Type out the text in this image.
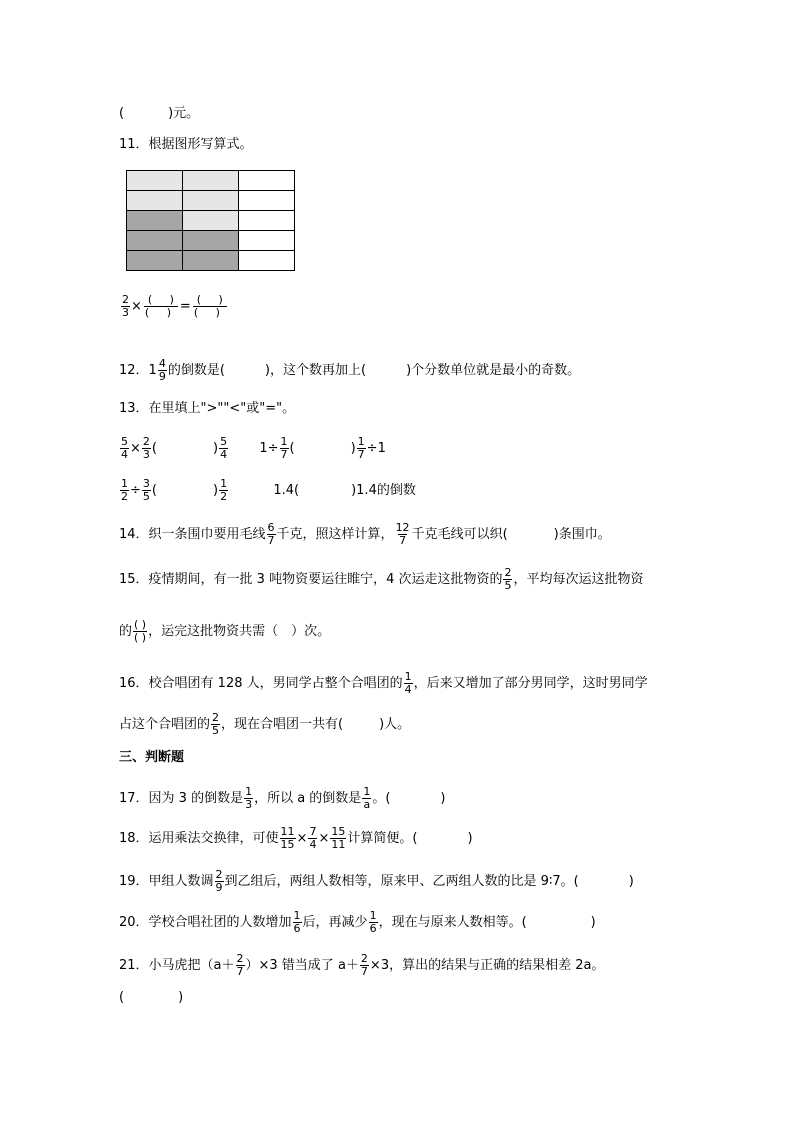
(	)元。
11．根据图形写算式。

$\frac{2}{3} \times \frac{( )}{( )} = \frac{( )}{( )}$
12．$1 \frac{4}{9}$ 的倒数是(	)，这个数再加上(	)个分数单位就是最小的奇数。
13．在里填上">""<"或"="。
$\frac{5}{4} \times \frac{2}{3}$ (	) $\frac{5}{4} 1\div \frac{1}{7}$ (	) $\frac{1}{7} \div 1$
$\frac{1}{2} \div \frac{3}{5}$ (	) $\frac{1}{2}$	1.4(	)1.4的倒数
14．织一条围巾要用毛线 $\frac{6}{7}$ 千克，照这样计算， $\frac{12}{7}$ 千克毛线可以织(	)条围巾。
15．疫情期间，有一批 3 吨物资要运往睢宁，4 次运走这批物资的 $\frac{2}{5}$ ，平均每次运这批物资
的 $\frac{( )}{( )}$ ，运完这批物资共需（　）次。
16．校合唱团有 128 人，男同学占整个合唱团的 $\frac{1}{4}$ ，后来又增加了部分男同学，这时男同学
占这个合唱团的 $\frac{2}{5}$ ，现在合唱团一共有(	)人。
三、判断题
17．因为 3 的倒数是 $\frac{1}{3}$ ，所以 a 的倒数是 $\frac{1}{a}$ 。(	)
18．运用乘法交换律，可使 $\frac{11}{15} \times \frac{7}{4} \times \frac{15}{11}$ 计算简便。(	)
19．甲组人数调 $\frac{2}{9}$ 到乙组后，两组人数相等，原来甲、乙两组人数的比是 9∶7。(	)
20．学校合唱社团的人数增加 $\frac{1}{6}$ 后，再减少 $\frac{1}{6}$ ，现在与原来人数相等。(	)
21．小马虎把$(a+ \frac{2}{7} )\times 3$ 错当成了 $a+ \frac{2}{7} \times 3$，算出的结果与正确的结果相差 2a。
(	)
